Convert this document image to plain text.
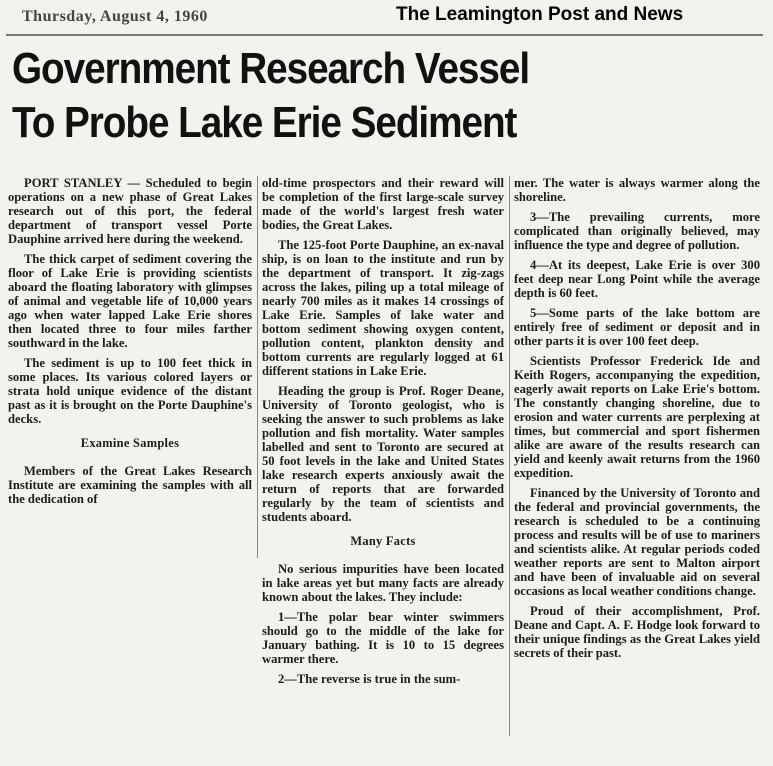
Thursday, August 4, 1960	The Leamington Post and News
Government Research Vessel
To Probe Lake Erie Sediment

PORT STANLEY — Scheduled to begin operations on a new phase of Great Lakes research out of this port, the federal department of transport vessel Porte Dauphine arrived here during the weekend.

The thick carpet of sediment covering the floor of Lake Erie is providing scientists aboard the floating laboratory with glimpses of animal and vegetable life of 10,000 years ago when water lapped Lake Erie shores then located three to four miles farther southward in the lake.

The sediment is up to 100 feet thick in some places. Its various colored layers or strata hold unique evidence of the distant past as it is brought on the Porte Dauphine's decks.

Examine Samples

Members of the Great Lakes Research Institute are examining the samples with all the dedication of

old-time prospectors and their reward will be completion of the first large-scale survey made of the world's largest fresh water bodies, the Great Lakes.

The 125-foot Porte Dauphine, an ex-naval ship, is on loan to the institute and run by the department of transport. It zig-zags across the lakes, piling up a total mileage of nearly 700 miles as it makes 14 crossings of Lake Erie. Samples of lake water and bottom sediment showing oxygen content, pollution content, plankton density and bottom currents are regularly logged at 61 different stations in Lake Erie.

Heading the group is Prof. Roger Deane, University of Toronto geologist, who is seeking the answer to such problems as lake pollution and fish mortality. Water samples labelled and sent to Toronto are secured at 50 foot levels in the lake and United States lake research experts anxiously await the return of reports that are forwarded regularly by the team of scientists and students aboard.

Many Facts

No serious impurities have been located in lake areas yet but many facts are already known about the lakes. They include:

1—The polar bear winter swimmers should go to the middle of the lake for January bathing. It is 10 to 15 degrees warmer there.

2—The reverse is true in the sum-

mer. The water is always warmer along the shoreline.

3—The prevailing currents, more complicated than originally believed, may influence the type and degree of pollution.

4—At its deepest, Lake Erie is over 300 feet deep near Long Point while the average depth is 60 feet.

5—Some parts of the lake bottom are entirely free of sediment or deposit and in other parts it is over 100 feet deep.

Scientists Professor Frederick Ide and Keith Rogers, accompanying the expedition, eagerly await reports on Lake Erie's bottom. The constantly changing shoreline, due to erosion and water currents are perplexing at times, but commercial and sport fishermen alike are aware of the results research can yield and keenly await returns from the 1960 expedition.

Financed by the University of Toronto and the federal and provincial governments, the research is scheduled to be a continuing process and results will be of use to mariners and scientists alike. At regular periods coded weather reports are sent to Malton airport and have been of invaluable aid on several occasions as local weather conditions change.

Proud of their accomplishment, Prof. Deane and Capt. A. F. Hodge look forward to their unique findings as the Great Lakes yield secrets of their past.
